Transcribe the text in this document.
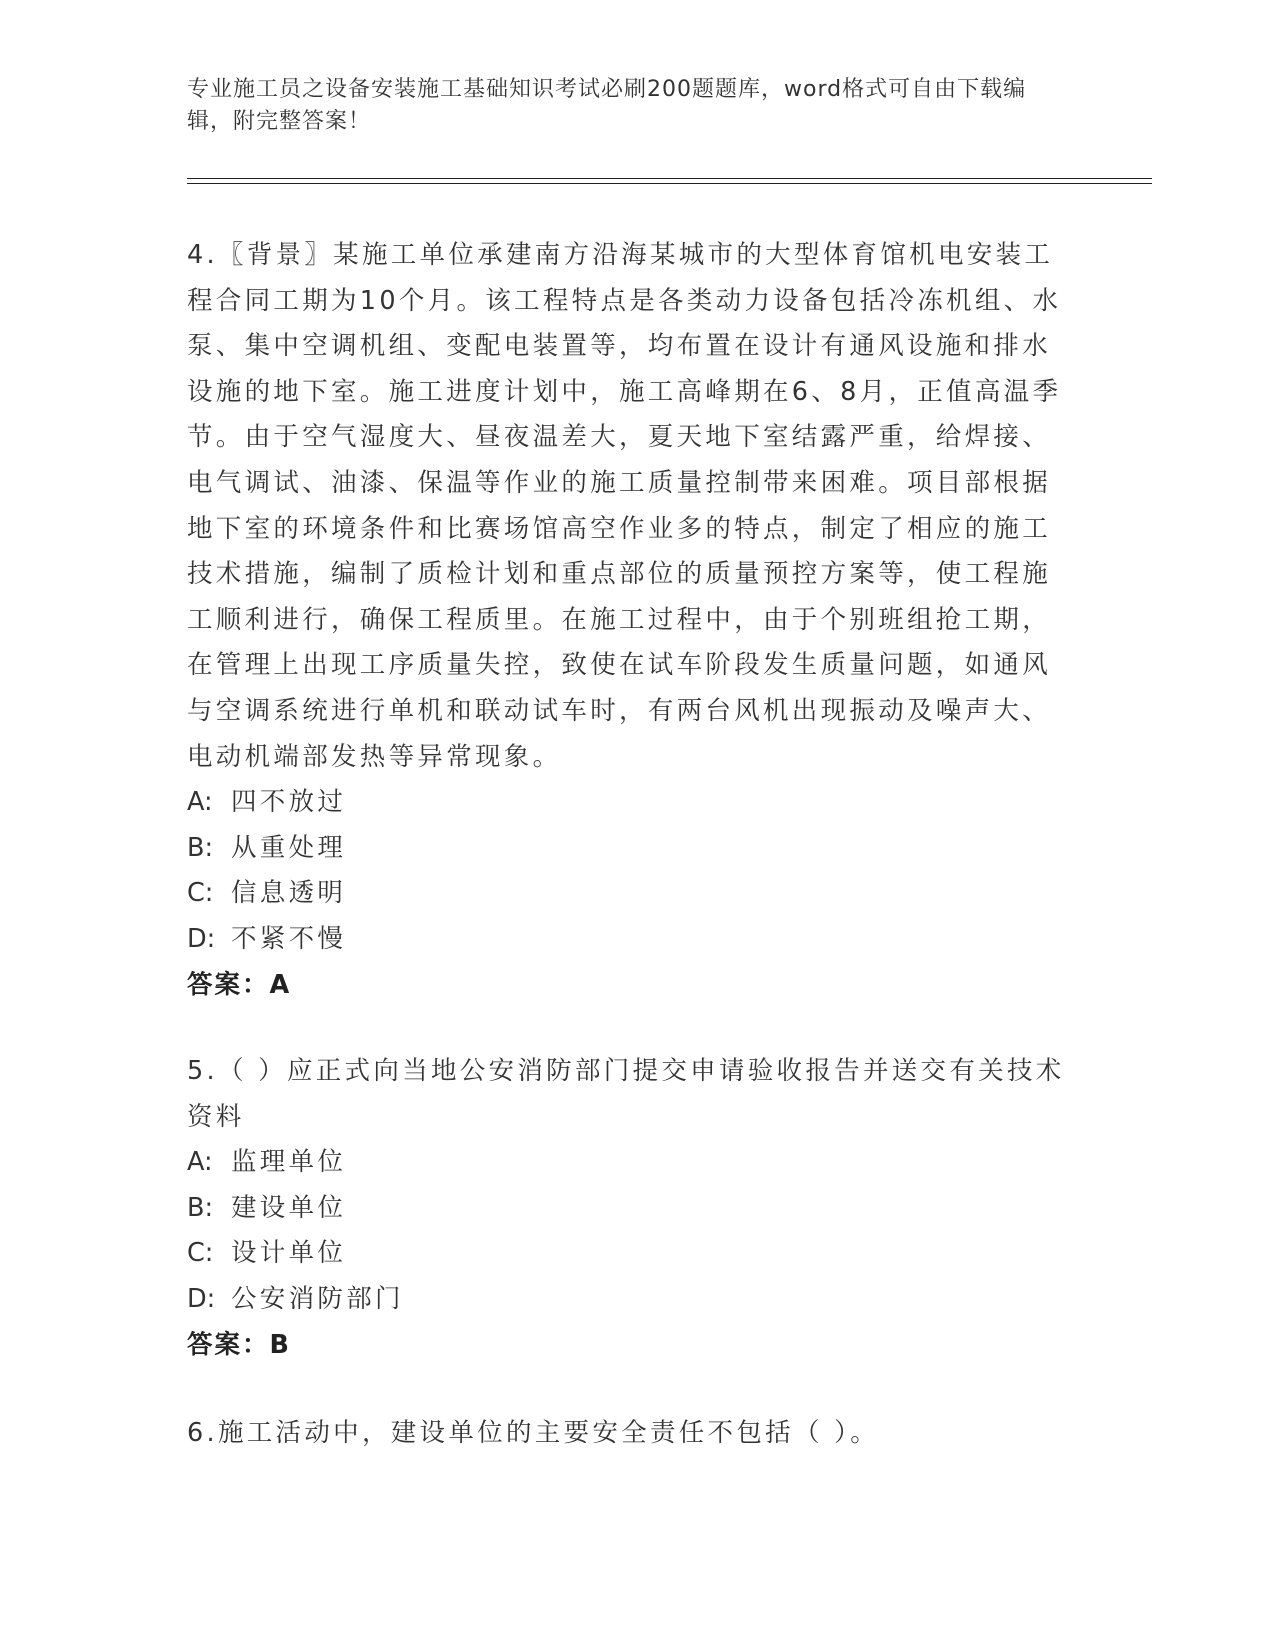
专业施工员之设备安装施工基础知识考试必刷200题题库，word格式可自由下载编辑，附完整答案！
4.〖背景〗某施工单位承建南方沿海某城市的大型体育馆机电安装工程合同工期为10个月。该工程特点是各类动力设备包括冷冻机组、水泵、集中空调机组、变配电装置等，均布置在设计有通风设施和排水设施的地下室。施工进度计划中，施工高峰期在6、8月，正值高温季节。由于空气湿度大、昼夜温差大，夏天地下室结露严重，给焊接、电气调试、油漆、保温等作业的施工质量控制带来困难。项目部根据地下室的环境条件和比赛场馆高空作业多的特点，制定了相应的施工技术措施，编制了质检计划和重点部位的质量预控方案等，使工程施工顺利进行，确保工程质里。在施工过程中，由于个别班组抢工期，在管理上出现工序质量失控，致使在试车阶段发生质量问题，如通风与空调系统进行单机和联动试车时，有两台风机出现振动及噪声大、电动机端部发热等异常现象。
A: 四不放过
B: 从重处理
C: 信息透明
D: 不紧不慢
答案：A
5.（ ）应正式向当地公安消防部门提交申请验收报告并送交有关技术资料
A: 监理单位
B: 建设单位
C: 设计单位
D: 公安消防部门
答案：B
6.施工活动中，建设单位的主要安全责任不包括（ ）。
